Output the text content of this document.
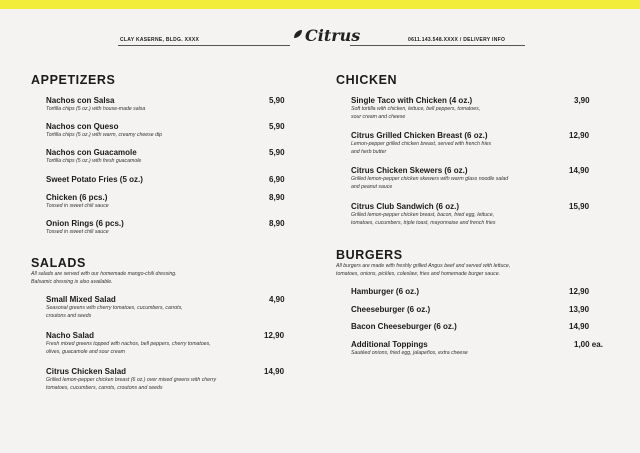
CLAY KASERNE, BLDG. XXXX	Citrus	0611.143.548.XXXX / DELIVERY INFO
APPETIZERS
Nachos con Salsa
Tortilla chips (5 oz.) with house-made salsa
5,90
Nachos con Queso
Tortilla chips (5 oz.) with warm, creamy cheese dip
5,90
Nachos con Guacamole
Tortilla chips (5 oz.) with fresh guacamole
5,90
Sweet Potato Fries (5 oz.)	6,90
Chicken (6 pcs.)
Tossed in sweet chili sauce
8,90
Onion Rings (6 pcs.)
Tossed in sweet chili sauce
8,90
SALADS
All salads are served with our homemade mango-chili dressing.
Balsamic dressing is also available.
Small Mixed Salad
Seasonal greens with cherry tomatoes, cucumbers, carrots,
croutons and seeds
4,90
Nacho Salad
Fresh mixed greens topped with nachos, bell peppers, cherry tomatoes,
olives, guacamole and sour cream
12,90
Citrus Chicken Salad
Grilled lemon-pepper chicken breast (6 oz.) over mixed greens with cherry
tomatoes, cucumbers, carrots, croutons and seeds
14,90
CHICKEN
Single Taco with Chicken (4 oz.)
Soft tortilla with chicken, lettuce, bell peppers, tomatoes,
sour cream and cheese
3,90
Citrus Grilled Chicken Breast (6 oz.)
Lemon-pepper grilled chicken breast, served with french fries
and herb butter
12,90
Citrus Chicken Skewers (6 oz.)
Grilled lemon-pepper chicken skewers with warm glass noodle salad
and peanut sauce
14,90
Citrus Club Sandwich (6 oz.)
Grilled lemon-pepper chicken breast, bacon, fried egg, lettuce,
tomatoes, cucumbers, triple toast, mayonnaise and french fries
15,90
BURGERS
All burgers are made with freshly grilled Angus beef and served with lettuce,
tomatoes, onions, pickles, coleslaw, fries and homemade burger sauce.
Hamburger (6 oz.)	12,90
Cheeseburger (6 oz.)	13,90
Bacon Cheeseburger (6 oz.)	14,90
Additional Toppings
Sautéed onions, fried egg, jalapeños, extra cheese
1,00 ea.
